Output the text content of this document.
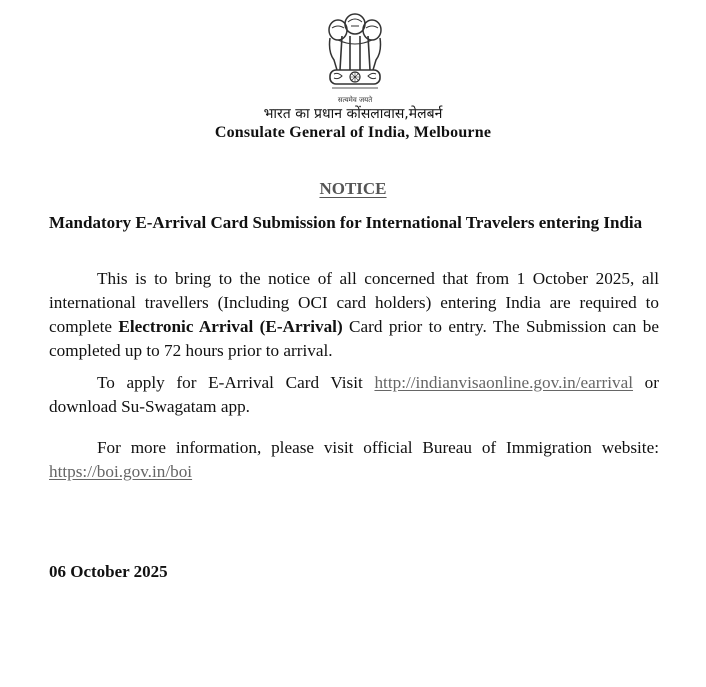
सत्यमेव जयते
भारत का प्रधान कोंसलावास,मेलबर्न
Consulate General of India, Melbourne
NOTICE
Mandatory E-Arrival Card Submission for International Travelers entering India
This is to bring to the notice of all concerned that from 1 October 2025, all international travellers (Including OCI card holders) entering India are required to complete Electronic Arrival (E-Arrival) Card prior to entry. The Submission can be completed up to 72 hours prior to arrival.
To apply for E-Arrival Card Visit http://indianvisaonline.gov.in/earrival or download Su-Swagatam app.
For more information, please visit official Bureau of Immigration website: https://boi.gov.in/boi
06 October 2025
